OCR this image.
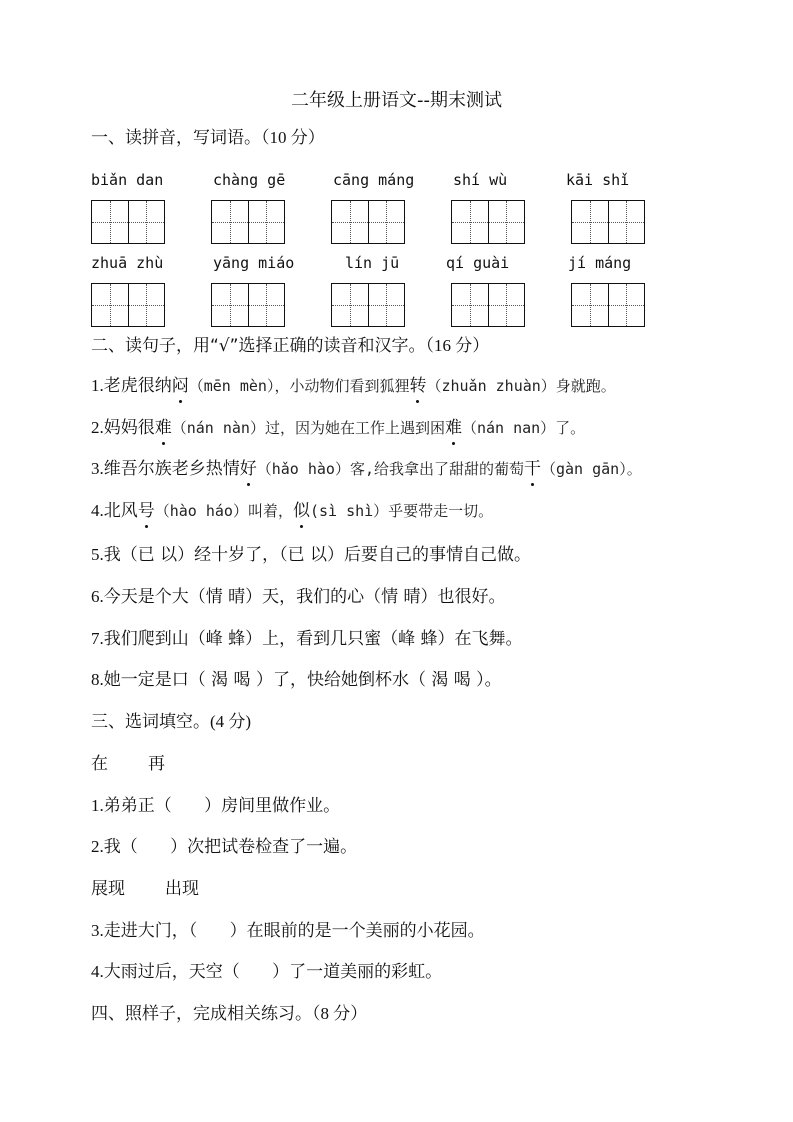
二年级上册语文--期末测试
一、读拼音，写词语。（10 分）
biǎn dan	chàng gē	cāng máng	shí wù	kāi shǐ
zhuā zhù	yāng miáo	lín jū	qí guài	jí máng
二、读句子，用“√”选择正确的读音和汉字。（16 分）
1.老虎很纳闷（mēn mèn），小动物们看到狐狸转（zhuǎn zhuàn）身就跑。
2.妈妈很难（nán nàn）过，因为她在工作上遇到困难（nán nan）了。
3.维吾尔族老乡热情好（hǎo hào）客,给我拿出了甜甜的葡萄干（gàn gān）。
4.北风号（hào háo）叫着，似(sì shì）乎要带走一切。
5.我（已 以）经十岁了，（已 以）后要自己的事情自己做。
6.今天是个大（情 晴）天，我们的心（情 晴）也很好。
7.我们爬到山（峰 蜂）上，看到几只蜜（峰 蜂）在飞舞。
8.她一定是口（ 渴 喝 ）了，快给她倒杯水（ 渴 喝 ）。
三、选词填空。(4 分)
在 再
1.弟弟正（      ）房间里做作业。
2.我（      ）次把试卷检查了一遍。
展现 出现
3.走进大门，（      ）在眼前的是一个美丽的小花园。
4.大雨过后，天空（      ）了一道美丽的彩虹。
四、照样子，完成相关练习。（8 分）
